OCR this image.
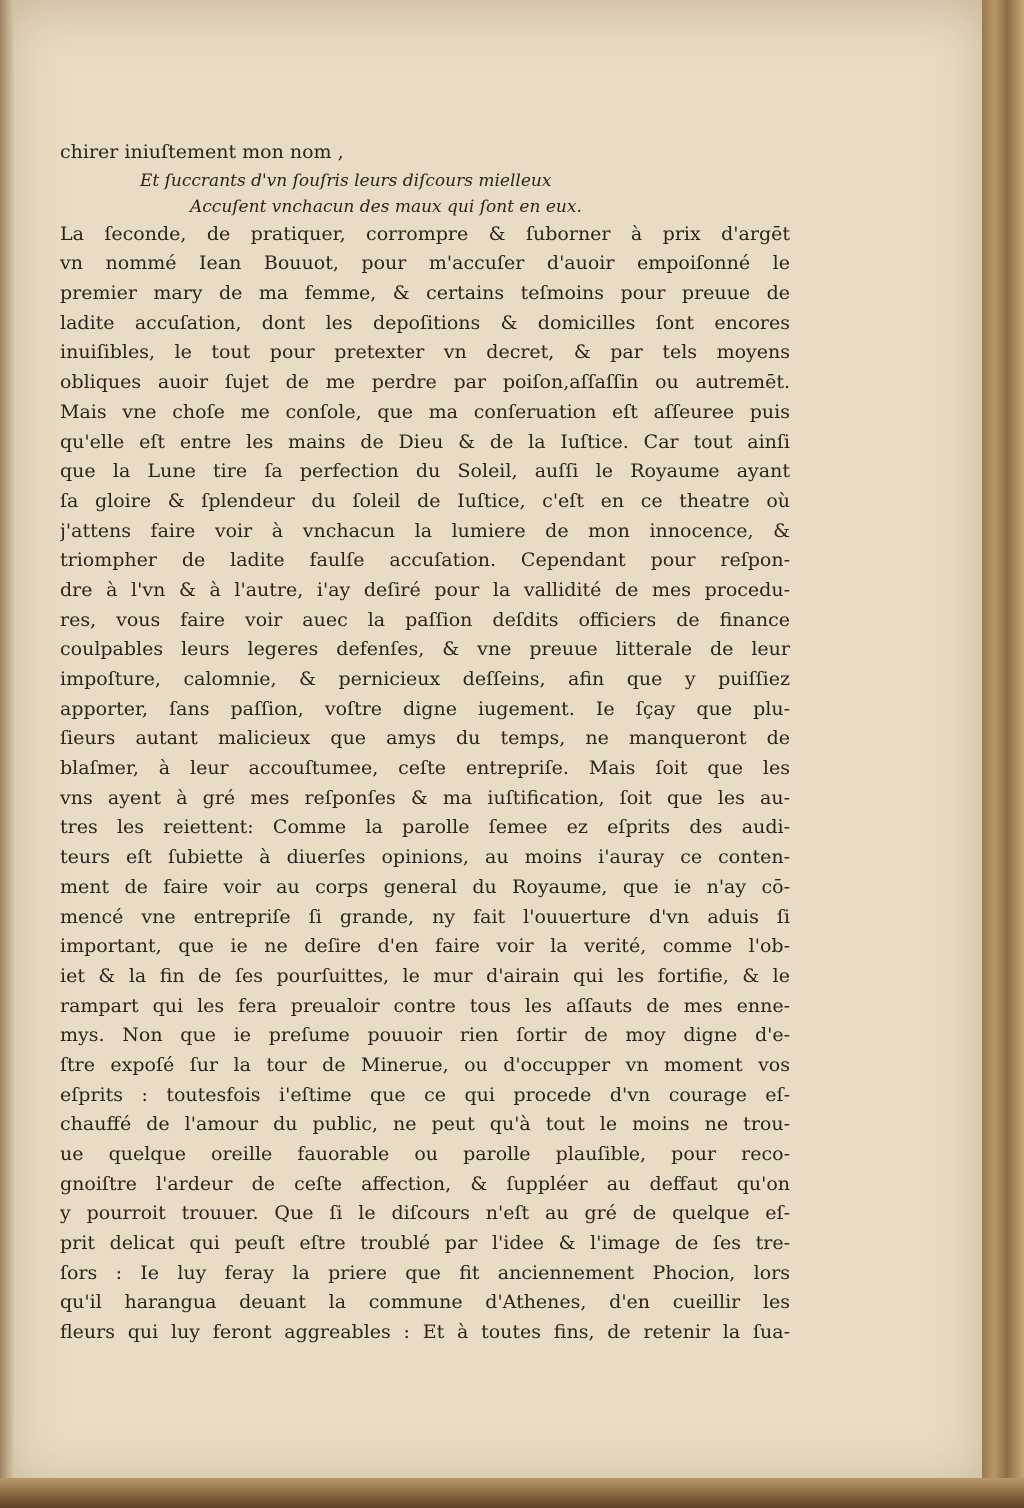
chirer iniuſtement mon nom ,

Et ſuccrants d'vn ſouſris leurs diſcours mielleux

Accuſent vnchacun des maux qui ſont en eux.

La ſeconde, de pratiquer, corrompre & ſuborner à prix d'argēt

vn nommé Iean Bouuot, pour m'accuſer d'auoir empoiſonné le

premier mary de ma femme, & certains teſmoins pour preuue de

ladite accuſation, dont les depoſitions & domicilles ſont encores

inuiſibles, le tout pour pretexter vn decret, & par tels moyens

obliques auoir ſujet de me perdre par poiſon,aſſaſſin ou autremēt.

Mais vne choſe me conſole, que ma conſeruation eſt aſſeuree puis

qu'elle eſt entre les mains de Dieu & de la Iuſtice. Car tout ainſi

que la Lune tire ſa perfection du Soleil, auſſi le Royaume ayant

ſa gloire & ſplendeur du ſoleil de Iuſtice, c'eſt en ce theatre où

j'attens faire voir à vnchacun la lumiere de mon innocence, &

triompher de ladite faulſe accuſation. Cependant pour reſpon-

dre à l'vn & à l'autre, i'ay deſiré pour la vallidité de mes procedu-

res, vous faire voir auec la paſſion deſdits officiers de finance

coulpables leurs legeres defenſes, & vne preuue litterale de leur

impoſture, calomnie, & pernicieux deſſeins, afin que y puiſſiez

apporter, ſans paſſion, voſtre digne iugement. Ie ſçay que plu-

ſieurs autant malicieux que amys du temps, ne manqueront de

blaſmer, à leur accouſtumee, ceſte entrepriſe. Mais ſoit que les

vns ayent à gré mes reſponſes & ma iuſtification, ſoit que les au-

tres les reiettent: Comme la parolle ſemee ez eſprits des audi-

teurs eſt ſubiette à diuerſes opinions, au moins i'auray ce conten-

ment de faire voir au corps general du Royaume, que ie n'ay cō-

mencé vne entrepriſe ſi grande, ny fait l'ouuerture d'vn aduis ſi

important, que ie ne deſire d'en faire voir la verité, comme l'ob-

iet & la fin de ſes pourſuittes, le mur d'airain qui les fortifie, & le

rampart qui les fera preualoir contre tous les aſſauts de mes enne-

mys. Non que ie preſume pouuoir rien ſortir de moy digne d'e-

ſtre expoſé ſur la tour de Minerue, ou d'occupper vn moment vos

eſprits : toutesfois i'eſtime que ce qui procede d'vn courage eſ-

chauffé de l'amour du public, ne peut qu'à tout le moins ne trou-

ue quelque oreille fauorable ou parolle plauſible, pour reco-

gnoiſtre l'ardeur de ceſte affection, & ſuppléer au deffaut qu'on

y pourroit trouuer. Que ſi le diſcours n'eſt au gré de quelque eſ-

prit delicat qui peuſt eſtre troublé par l'idee & l'image de ſes tre-

ſors : Ie luy feray la priere que fit anciennement Phocion, lors

qu'il harangua deuant la commune d'Athenes, d'en cueillir les

fleurs qui luy feront aggreables : Et à toutes fins, de retenir la ſua-
